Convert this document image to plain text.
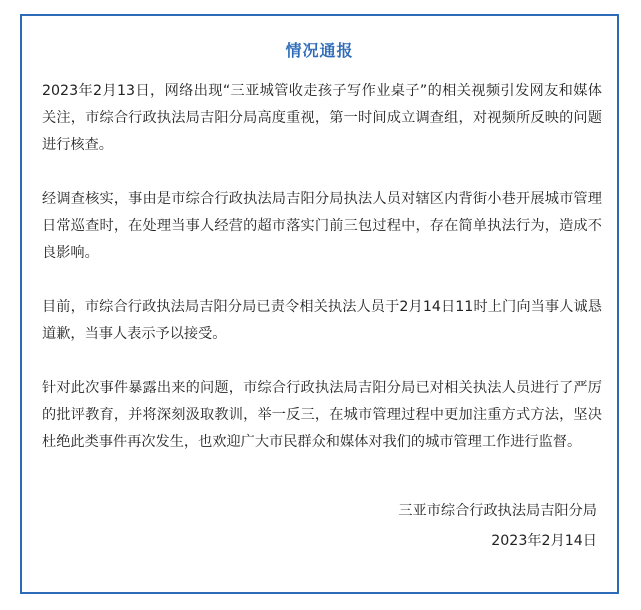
情况通报

2023年2月13日，网络出现“三亚城管收走孩子写作业桌子”的相关视频引发网友和媒体关注，市综合行政执法局吉阳分局高度重视，第一时间成立调查组，对视频所反映的问题进行核查。

经调查核实，事由是市综合行政执法局吉阳分局执法人员对辖区内背街小巷开展城市管理日常巡查时，在处理当事人经营的超市落实门前三包过程中，存在简单执法行为，造成不良影响。

目前，市综合行政执法局吉阳分局已责令相关执法人员于2月14日11时上门向当事人诚恳道歉，当事人表示予以接受。

针对此次事件暴露出来的问题，市综合行政执法局吉阳分局已对相关执法人员进行了严厉的批评教育，并将深刻汲取教训，举一反三，在城市管理过程中更加注重方式方法，坚决杜绝此类事件再次发生，也欢迎广大市民群众和媒体对我们的城市管理工作进行监督。

三亚市综合行政执法局吉阳分局
2023年2月14日
